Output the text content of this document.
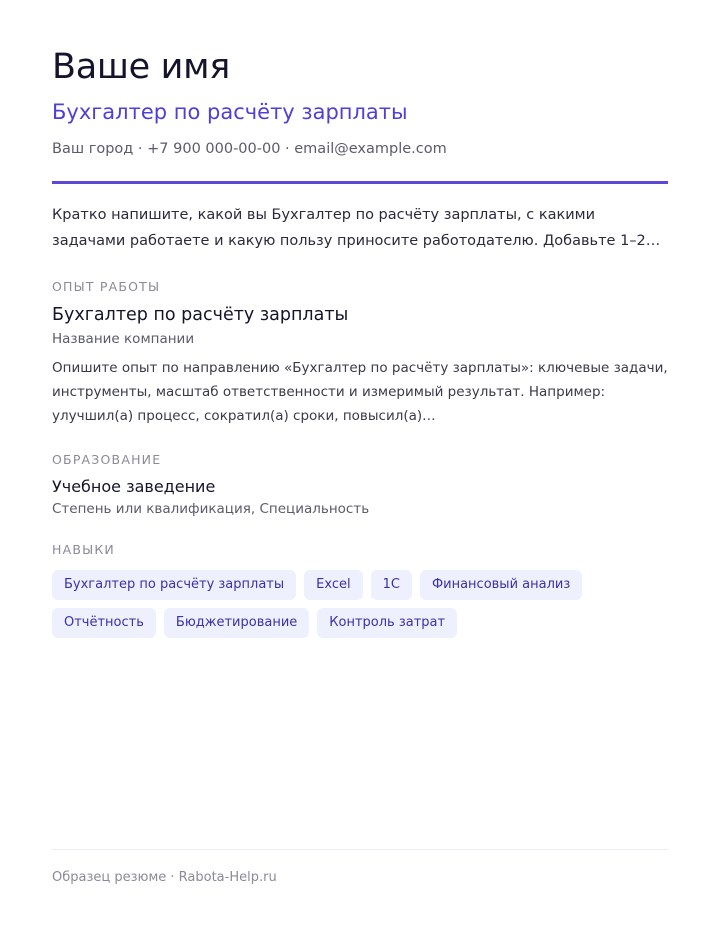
Ваше имя
Бухгалтер по расчёту зарплаты
Ваш город · +7 900 000-00-00 · email@example.com
Кратко напишите, какой вы Бухгалтер по расчёту зарплаты, с какими задачами работаете и какую пользу приносите работодателю. Добавьте 1–2…
ОПЫТ РАБОТЫ
Бухгалтер по расчёту зарплаты
Название компании
Опишите опыт по направлению «Бухгалтер по расчёту зарплаты»: ключевые задачи, инструменты, масштаб ответственности и измеримый результат. Например: улучшил(а) процесс, сократил(а) сроки, повысил(а)…
ОБРАЗОВАНИЕ
Учебное заведение
Степень или квалификация, Специальность
НАВЫКИ
Бухгалтер по расчёту зарплаты	Excel	1С	Финансовый анализ
Отчётность	Бюджетирование	Контроль затрат
Образец резюме · Rabota-Help.ru
